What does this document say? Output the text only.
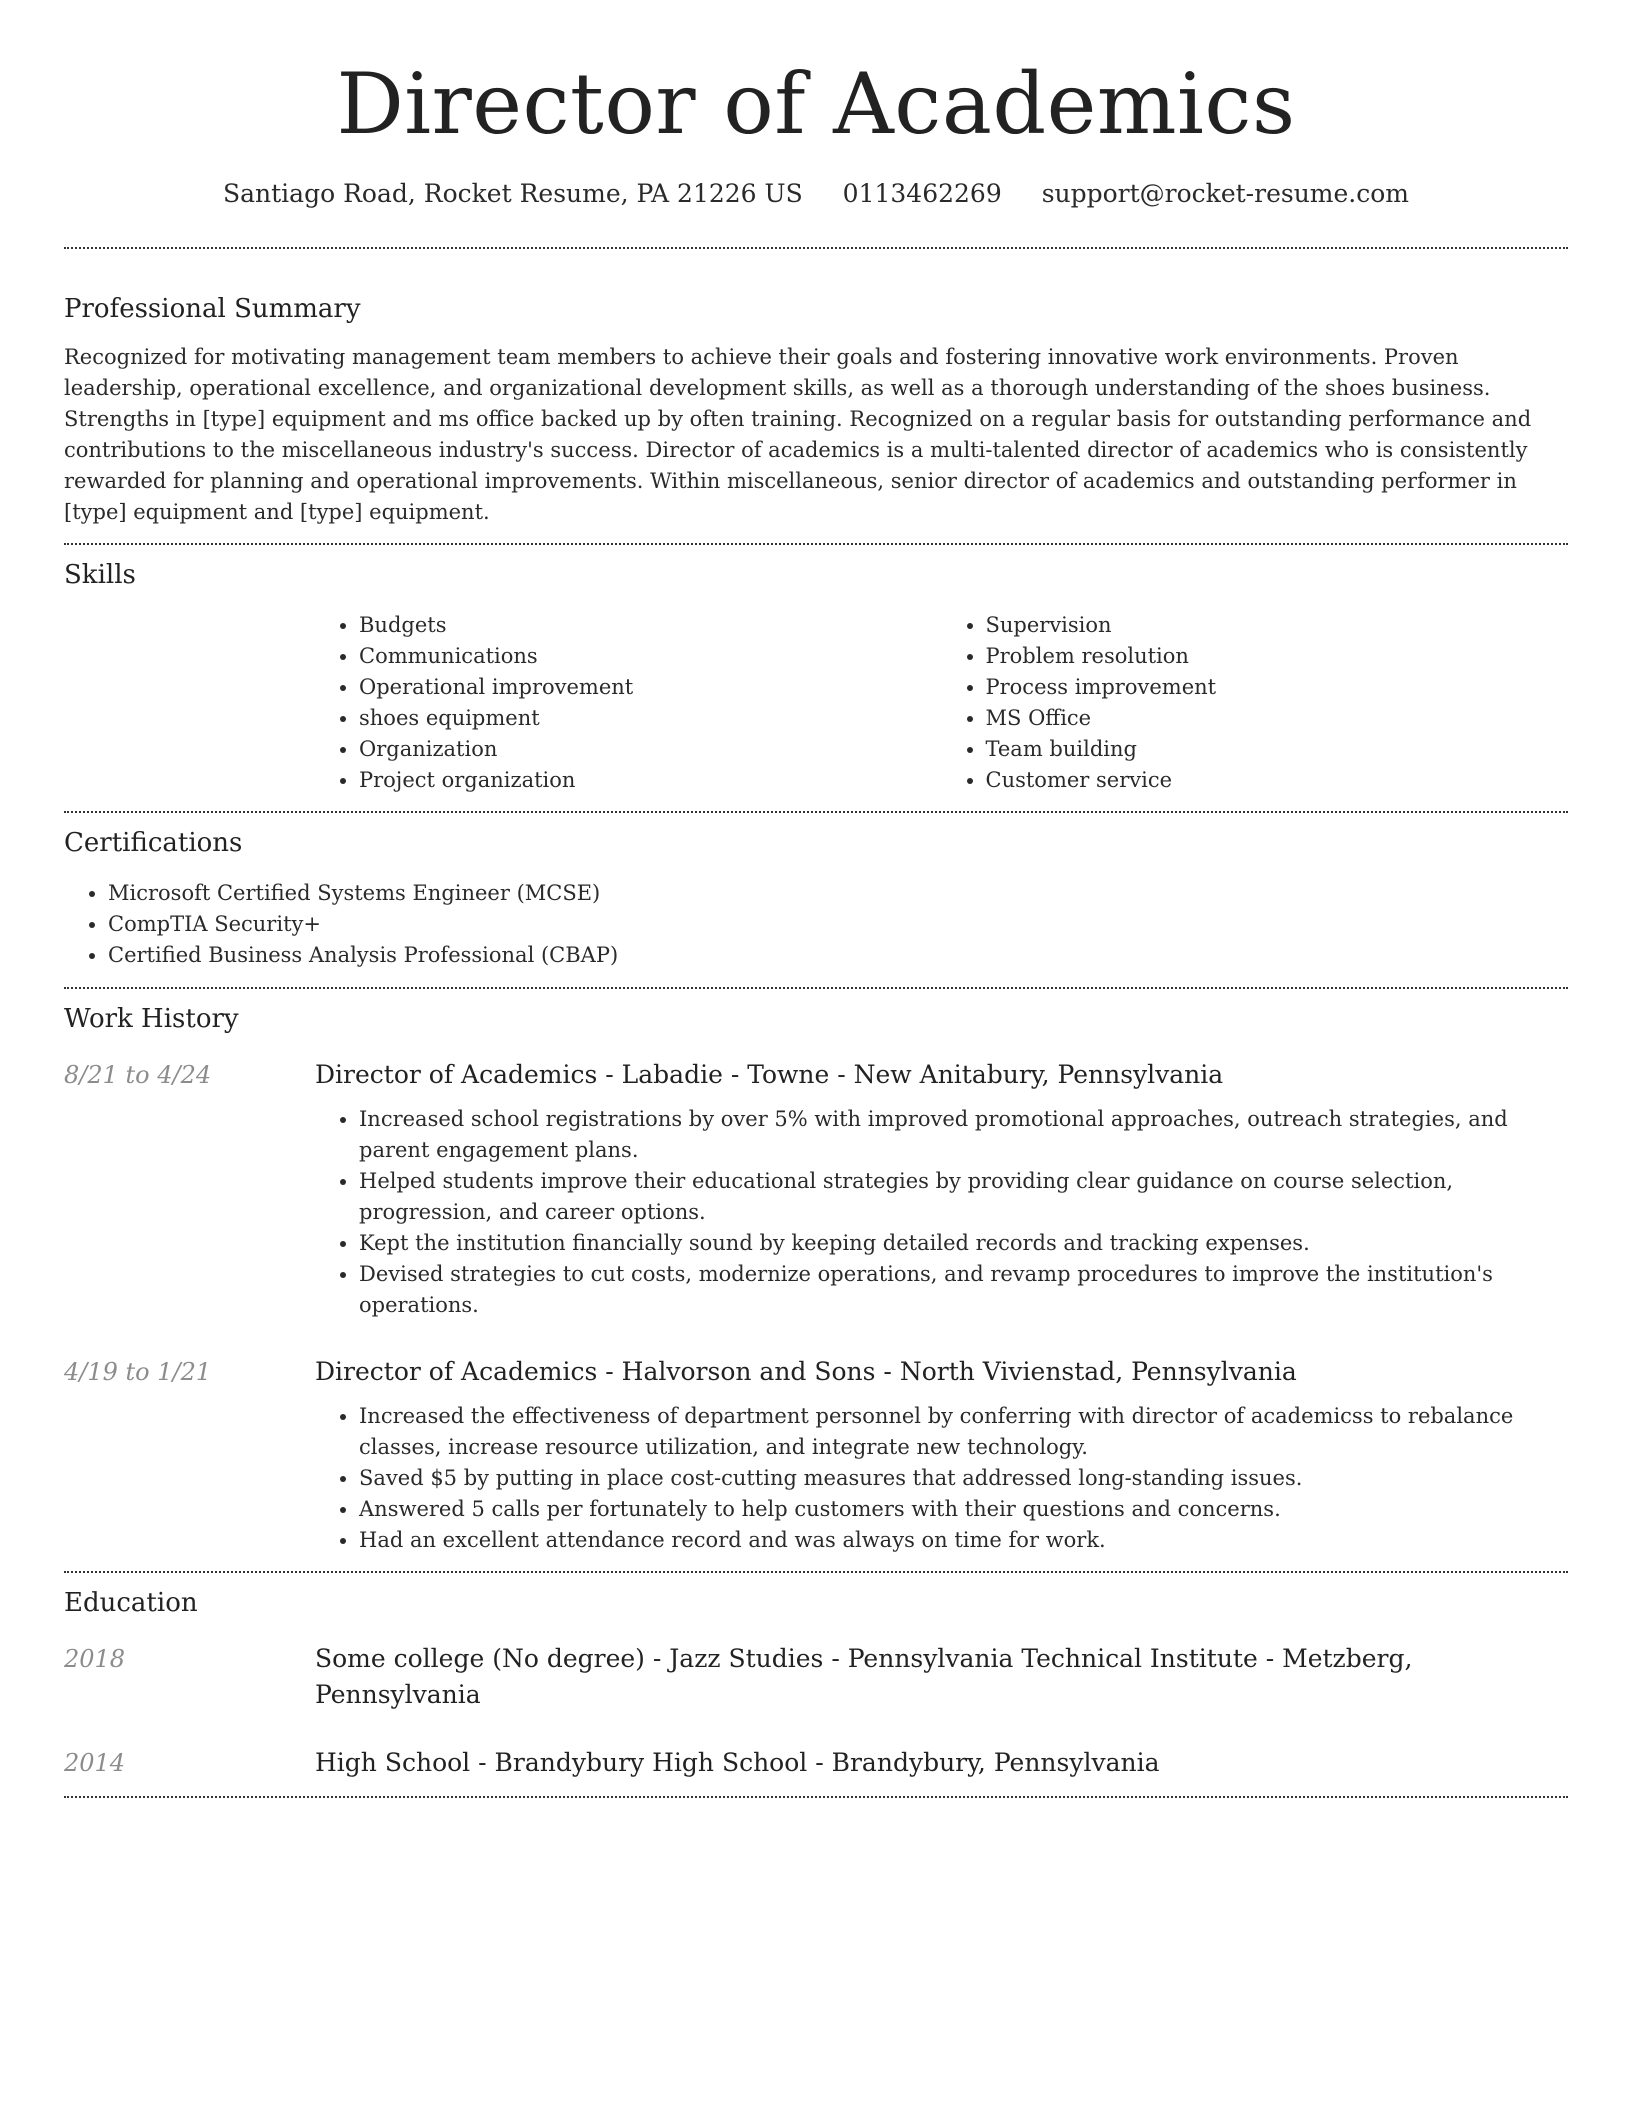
Director of Academics
Santiago Road, Rocket Resume, PA 21226 US 0113462269 support@rocket-resume.com
Professional Summary

Recognized for motivating management team members to achieve their goals and fostering innovative work environments. Proven leadership, operational excellence, and organizational development skills, as well as a thorough understanding of the shoes business. Strengths in [type] equipment and ms office backed up by often training. Recognized on a regular basis for outstanding performance and contributions to the miscellaneous industry's success. Director of academics is a multi-talented director of academics who is consistently rewarded for planning and operational improvements. Within miscellaneous, senior director of academics and outstanding performer in [type] equipment and [type] equipment.

Skills
• Budgets
• Communications
• Operational improvement
• shoes equipment
• Organization
• Project organization
• Supervision
• Problem resolution
• Process improvement
• MS Office
• Team building
• Customer service
Certifications
• Microsoft Certified Systems Engineer (MCSE)
• CompTIA Security+
• Certified Business Analysis Professional (CBAP)
Work History
8/21 to 4/24	Director of Academics - Labadie - Towne - New Anitabury, Pennsylvania
• Increased school registrations by over 5% with improved promotional approaches, outreach strategies, and parent engagement plans.
• Helped students improve their educational strategies by providing clear guidance on course selection, progression, and career options.
• Kept the institution financially sound by keeping detailed records and tracking expenses.
• Devised strategies to cut costs, modernize operations, and revamp procedures to improve the institution's operations.
4/19 to 1/21	Director of Academics - Halvorson and Sons - North Vivienstad, Pennsylvania
• Increased the effectiveness of department personnel by conferring with director of academicss to rebalance classes, increase resource utilization, and integrate new technology.
• Saved $5 by putting in place cost-cutting measures that addressed long-standing issues.
• Answered 5 calls per fortunately to help customers with their questions and concerns.
• Had an excellent attendance record and was always on time for work.
Education
2018	Some college (No degree) - Jazz Studies - Pennsylvania Technical Institute - Metzberg, Pennsylvania
2014	High School - Brandybury High School - Brandybury, Pennsylvania
